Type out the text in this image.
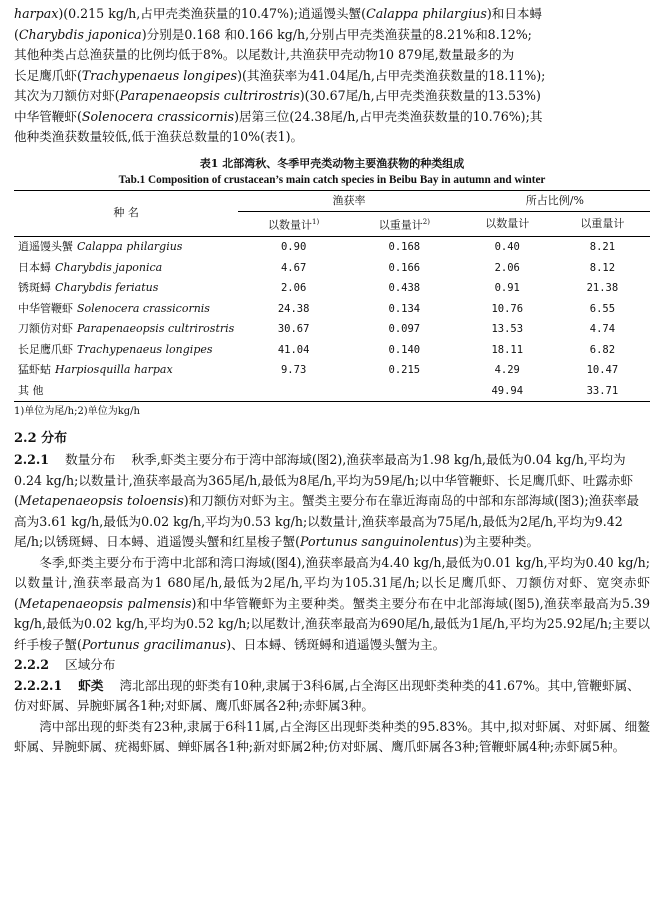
harpax)(0.215 kg/h,占甲壳类渔获量的10.47%);逍遥馒头蟹(Calappa philargius)和日本蟳

(Charybdis japonica)分别是0.168 和0.166 kg/h,分别占甲壳类渔获量的8.21%和8.12%;

其他种类占总渔获量的比例均低于8%。以尾数计,共渔获甲壳动物10 879尾,数量最多的为

长足鹰爪虾(Trachypenaeus longipes)(其渔获率为41.04尾/h,占甲壳类渔获数量的18.11%);

其次为刀额仿对虾(Parapenaeopsis cultrirostris)(30.67尾/h,占甲壳类渔获数量的13.53%)

中华管鞭虾(Solenocera crassicornis)居第三位(24.38尾/h,占甲壳类渔获数量的10.76%);其

他种类渔获数量较低,低于渔获总数量的10%(表1)。

表1 北部湾秋、冬季甲壳类动物主要渔获物的种类组成
Tab.1 Composition of crustacean’s main catch species in Beibu Bay in autumn and winter
种 名	渔获率		所占比例/%	
	以数量计$^{1)}$	以重量计$^{2)}$	以数量计	以重量计
逍遥馒头蟹 Calappa philargius	0.90	0.168	0.40	8.21
日本蟳 Charybdis japonica	4.67	0.166	2.06	8.12
锈斑蟳 Charybdis feriatus	2.06	0.438	0.91	21.38
中华管鞭虾 Solenocera crassicornis	24.38	0.134	10.76	6.55
刀额仿对虾 Parapenaeopsis cultrirostris	30.67	0.097	13.53	4.74
长足鹰爪虾 Trachypenaeus longipes	41.04	0.140	18.11	6.82
猛虾蛄 Harpiosquilla harpax	9.73	0.215	4.29	10.47
其 他			49.94	33.71
1)单位为尾/h;2)单位为kg/h
2.2 分布

2.2.1 数量分布 秋季,虾类主要分布于湾中部海域(图2),渔获率最高为1.98 kg/h,最低为0.04 kg/h,平均为0.24 kg/h;以数量计,渔获率最高为365尾/h,最低为8尾/h,平均为59尾/h;以中华管鞭虾、长足鹰爪虾、吐露赤虾(Metapenaeopsis toloensis)和刀额仿对虾为主。蟹类主要分布在靠近海南岛的中部和东部海域(图3);渔获率最高为3.61 kg/h,最低为0.02 kg/h,平均为0.53 kg/h;以数量计,渔获率最高为75尾/h,最低为2尾/h,平均为9.42尾/h;以锈斑蟳、日本蟳、逍遥馒头蟹和红星梭子蟹(Portunus sanguinolentus)为主要种类。

冬季,虾类主要分布于湾中北部和湾口海域(图4),渔获率最高为4.40 kg/h,最低为0.01 kg/h,平均为0.40 kg/h;以数量计,渔获率最高为1 680尾/h,最低为2尾/h,平均为105.31尾/h;以长足鹰爪虾、刀额仿对虾、宽突赤虾(Metapenaeopsis palmensis)和中华管鞭虾为主要种类。蟹类主要分布在中北部海域(图5),渔获率最高为5.39 kg/h,最低为0.02 kg/h,平均为0.52 kg/h;以尾数计,渔获率最高为690尾/h,最低为1尾/h,平均为25.92尾/h;主要以纤手梭子蟹(Portunus gracilimanus)、日本蟳、锈斑蟳和逍遥馒头蟹为主。

2.2.2 区域分布

2.2.2.1 虾类 湾北部出现的虾类有10种,隶属于3科6属,占全海区出现虾类种类的41.67%。其中,管鞭虾属、仿对虾属、异腕虾属各1种;对虾属、鹰爪虾属各2种;赤虾属3种。

湾中部出现的虾类有23种,隶属于6科11属,占全海区出现虾类种类的95.83%。其中,拟对虾属、对虾属、细鳌虾属、异腕虾属、疣褐虾属、蝉虾属各1种;新对虾属2种;仿对虾属、鹰爪虾属各3种;管鞭虾属4种;赤虾属5种。
